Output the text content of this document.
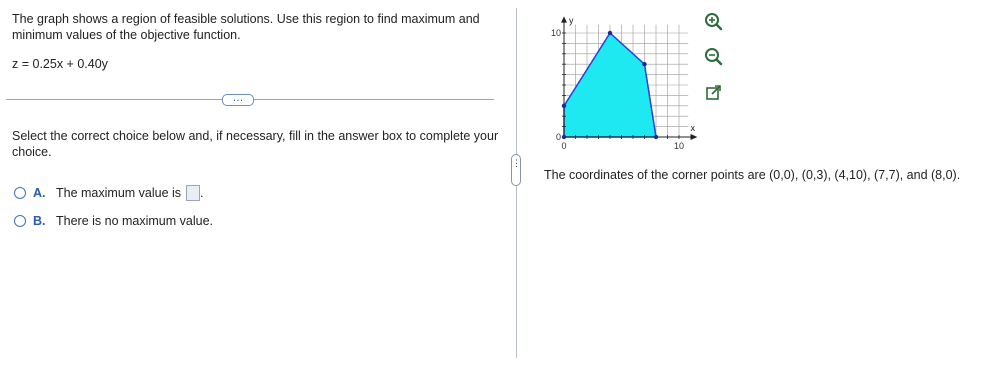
The graph shows a region of feasible solutions. Use this region to find maximum and minimum values of the objective function.
z = 0.25x + 0.40y
…
Select the correct choice below and, if necessary, fill in the answer box to complete your choice.
A. The maximum value is .
B. There is no maximum value.
⋮
y
x
10
0
0	10
The coordinates of the corner points are (0,0), (0,3), (4,10), (7,7), and (8,0).
